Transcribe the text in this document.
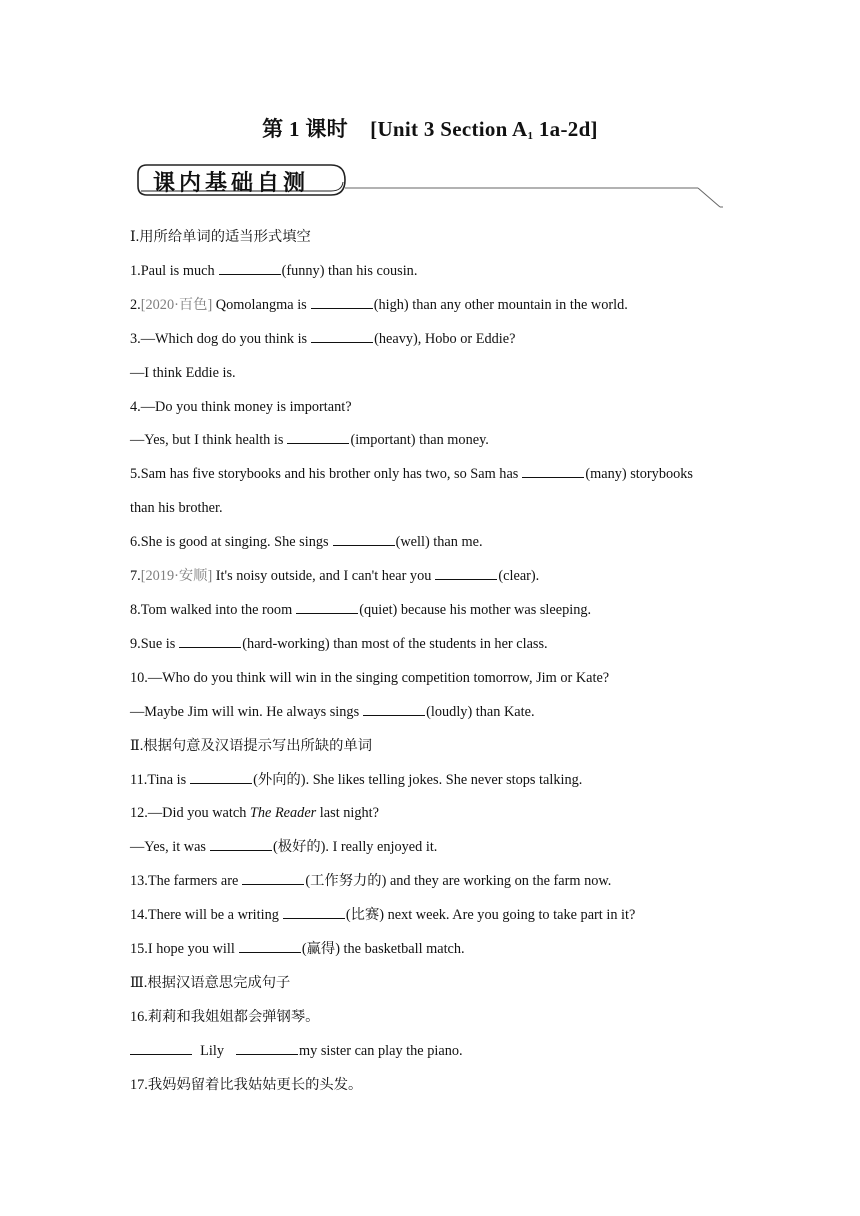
第 1 课时 [Unit 3 Section $A_1$ 1a-2d]
课内基础自测
Ⅰ.用所给单词的适当形式填空
1.Paul is much	(funny) than his cousin.
2.[2020·百色] Qomolangma is	(high) than any other mountain in the world.
3.—Which dog do you think is	(heavy), Hobo or Eddie?
—I think Eddie is.
4.—Do you think money is important?
—Yes, but I think health is	(important) than money.
5.Sam has five storybooks and his brother only has two, so Sam has	(many) storybooks
than his brother.
6.She is good at singing. She sings	(well) than me.
7.[2019·安顺] It's noisy outside, and I can't hear you	(clear).
8.Tom walked into the room	(quiet) because his mother was sleeping.
9.Sue is	(hard-working) than most of the students in her class.
10.—Who do you think will win in the singing competition tomorrow, Jim or Kate?
—Maybe Jim will win. He always sings	(loudly) than Kate.
Ⅱ.根据句意及汉语提示写出所缺的单词
11.Tina is	(外向的). She likes telling jokes. She never stops talking.
12.—Did you watch The Reader last night?
—Yes, it was	(极好的). I really enjoyed it.
13.The farmers are	(工作努力的) and they are working on the farm now.
14.There will be a writing	(比赛) next week. Are you going to take part in it?
15.I hope you will	(赢得) the basketball match.
Ⅲ.根据汉语意思完成句子
16.莉莉和我姐姐都会弹钢琴。
Lily	my sister can play the piano.
17.我妈妈留着比我姑姑更长的头发。
